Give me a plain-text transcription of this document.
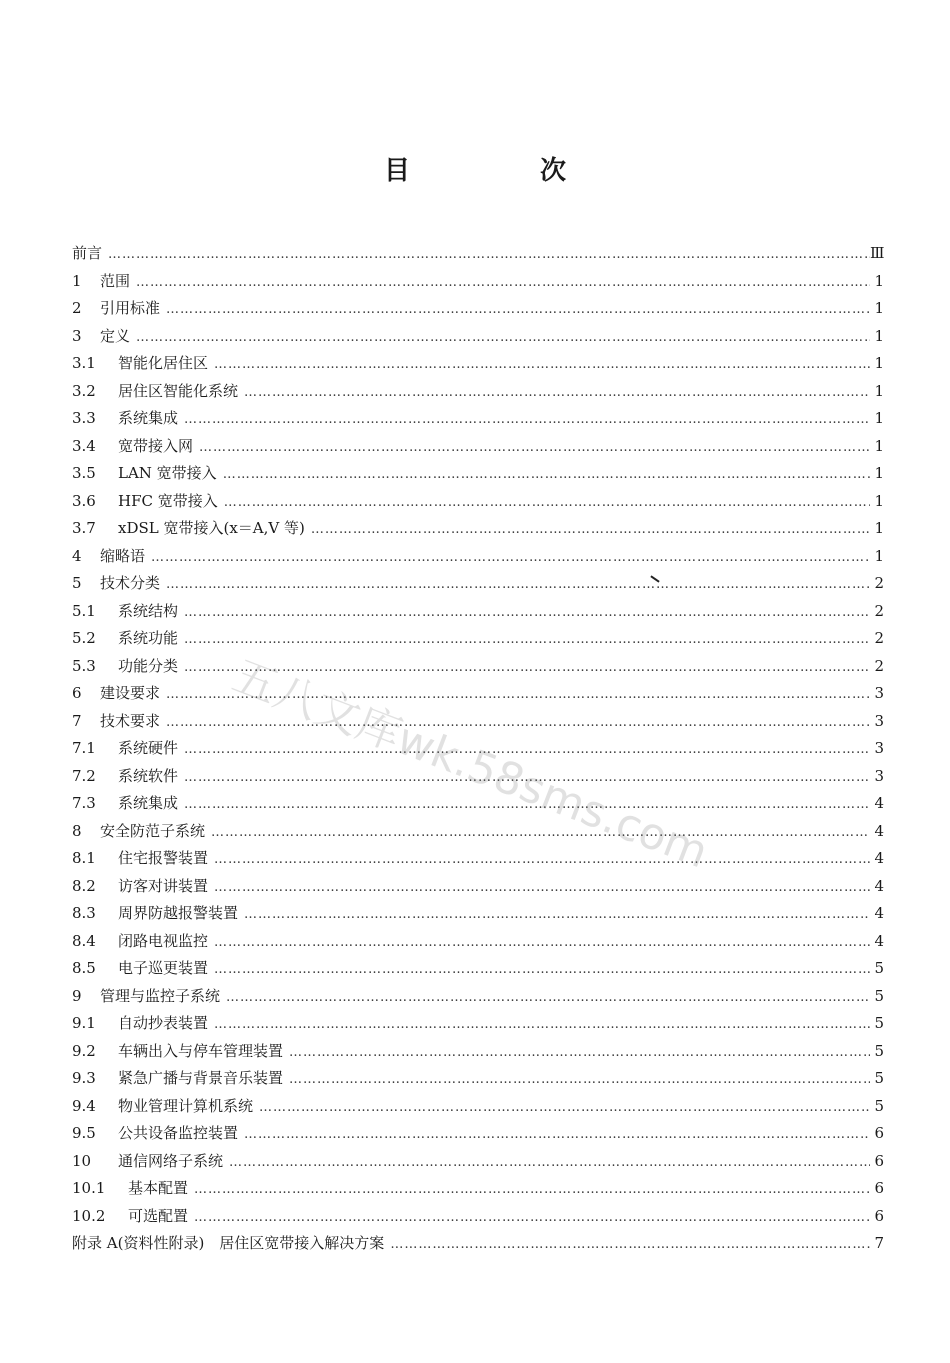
目　次
前言 ……………………………………………………………………………………………………………………………………………………………………………………………………	Ⅲ
1	范围 ……………………………………………………………………………………………………………………………………………………………………………………………………	1
2	引用标准 ……………………………………………………………………………………………………………………………………………………………………………………………………	1
3	定义 ……………………………………………………………………………………………………………………………………………………………………………………………………	1
3.1	智能化居住区 ……………………………………………………………………………………………………………………………………………………………………………………………………	1
3.2	居住区智能化系统 ……………………………………………………………………………………………………………………………………………………………………………………………………	1
3.3	系统集成 ……………………………………………………………………………………………………………………………………………………………………………………………………	1
3.4	宽带接入网 ……………………………………………………………………………………………………………………………………………………………………………………………………	1
3.5	LAN 宽带接入 ……………………………………………………………………………………………………………………………………………………………………………………………………	1
3.6	HFC 宽带接入 ……………………………………………………………………………………………………………………………………………………………………………………………………	1
3.7	xDSL 宽带接入(x＝A,V 等) ……………………………………………………………………………………………………………………………………………………………………………………………………	1
4	缩略语 ……………………………………………………………………………………………………………………………………………………………………………………………………	1
5	技术分类 ……………………………………………………………………………………………………………………………………………………………………………………………………	2
5.1	系统结构 ……………………………………………………………………………………………………………………………………………………………………………………………………	2
5.2	系统功能 ……………………………………………………………………………………………………………………………………………………………………………………………………	2
5.3	功能分类 ……………………………………………………………………………………………………………………………………………………………………………………………………	2
6	建设要求 ……………………………………………………………………………………………………………………………………………………………………………………………………	3
7	技术要求 ……………………………………………………………………………………………………………………………………………………………………………………………………	3
7.1	系统硬件 ……………………………………………………………………………………………………………………………………………………………………………………………………	3
7.2	系统软件 ……………………………………………………………………………………………………………………………………………………………………………………………………	3
7.3	系统集成 ……………………………………………………………………………………………………………………………………………………………………………………………………	4
8	安全防范子系统 ……………………………………………………………………………………………………………………………………………………………………………………………………	4
8.1	住宅报警装置 ……………………………………………………………………………………………………………………………………………………………………………………………………	4
8.2	访客对讲装置 ……………………………………………………………………………………………………………………………………………………………………………………………………	4
8.3	周界防越报警装置 ……………………………………………………………………………………………………………………………………………………………………………………………………	4
8.4	闭路电视监控 ……………………………………………………………………………………………………………………………………………………………………………………………………	4
8.5	电子巡更装置 ……………………………………………………………………………………………………………………………………………………………………………………………………	5
9	管理与监控子系统 ……………………………………………………………………………………………………………………………………………………………………………………………………	5
9.1	自动抄表装置 ……………………………………………………………………………………………………………………………………………………………………………………………………	5
9.2	车辆出入与停车管理装置 ……………………………………………………………………………………………………………………………………………………………………………………………………	5
9.3	紧急广播与背景音乐装置 ……………………………………………………………………………………………………………………………………………………………………………………………………	5
9.4	物业管理计算机系统 ……………………………………………………………………………………………………………………………………………………………………………………………………	5
9.5	公共设备监控装置 ……………………………………………………………………………………………………………………………………………………………………………………………………	6
10	通信网络子系统 ……………………………………………………………………………………………………………………………………………………………………………………………………	6
10.1	基本配置 ……………………………………………………………………………………………………………………………………………………………………………………………………	6
10.2	可选配置 ……………………………………………………………………………………………………………………………………………………………………………………………………	6
附录 A(资料性附录)　居住区宽带接入解决方案 ……………………………………………………………………………………………………………………………………………………………………………………………………	7
五八文库wk.58sms.com
